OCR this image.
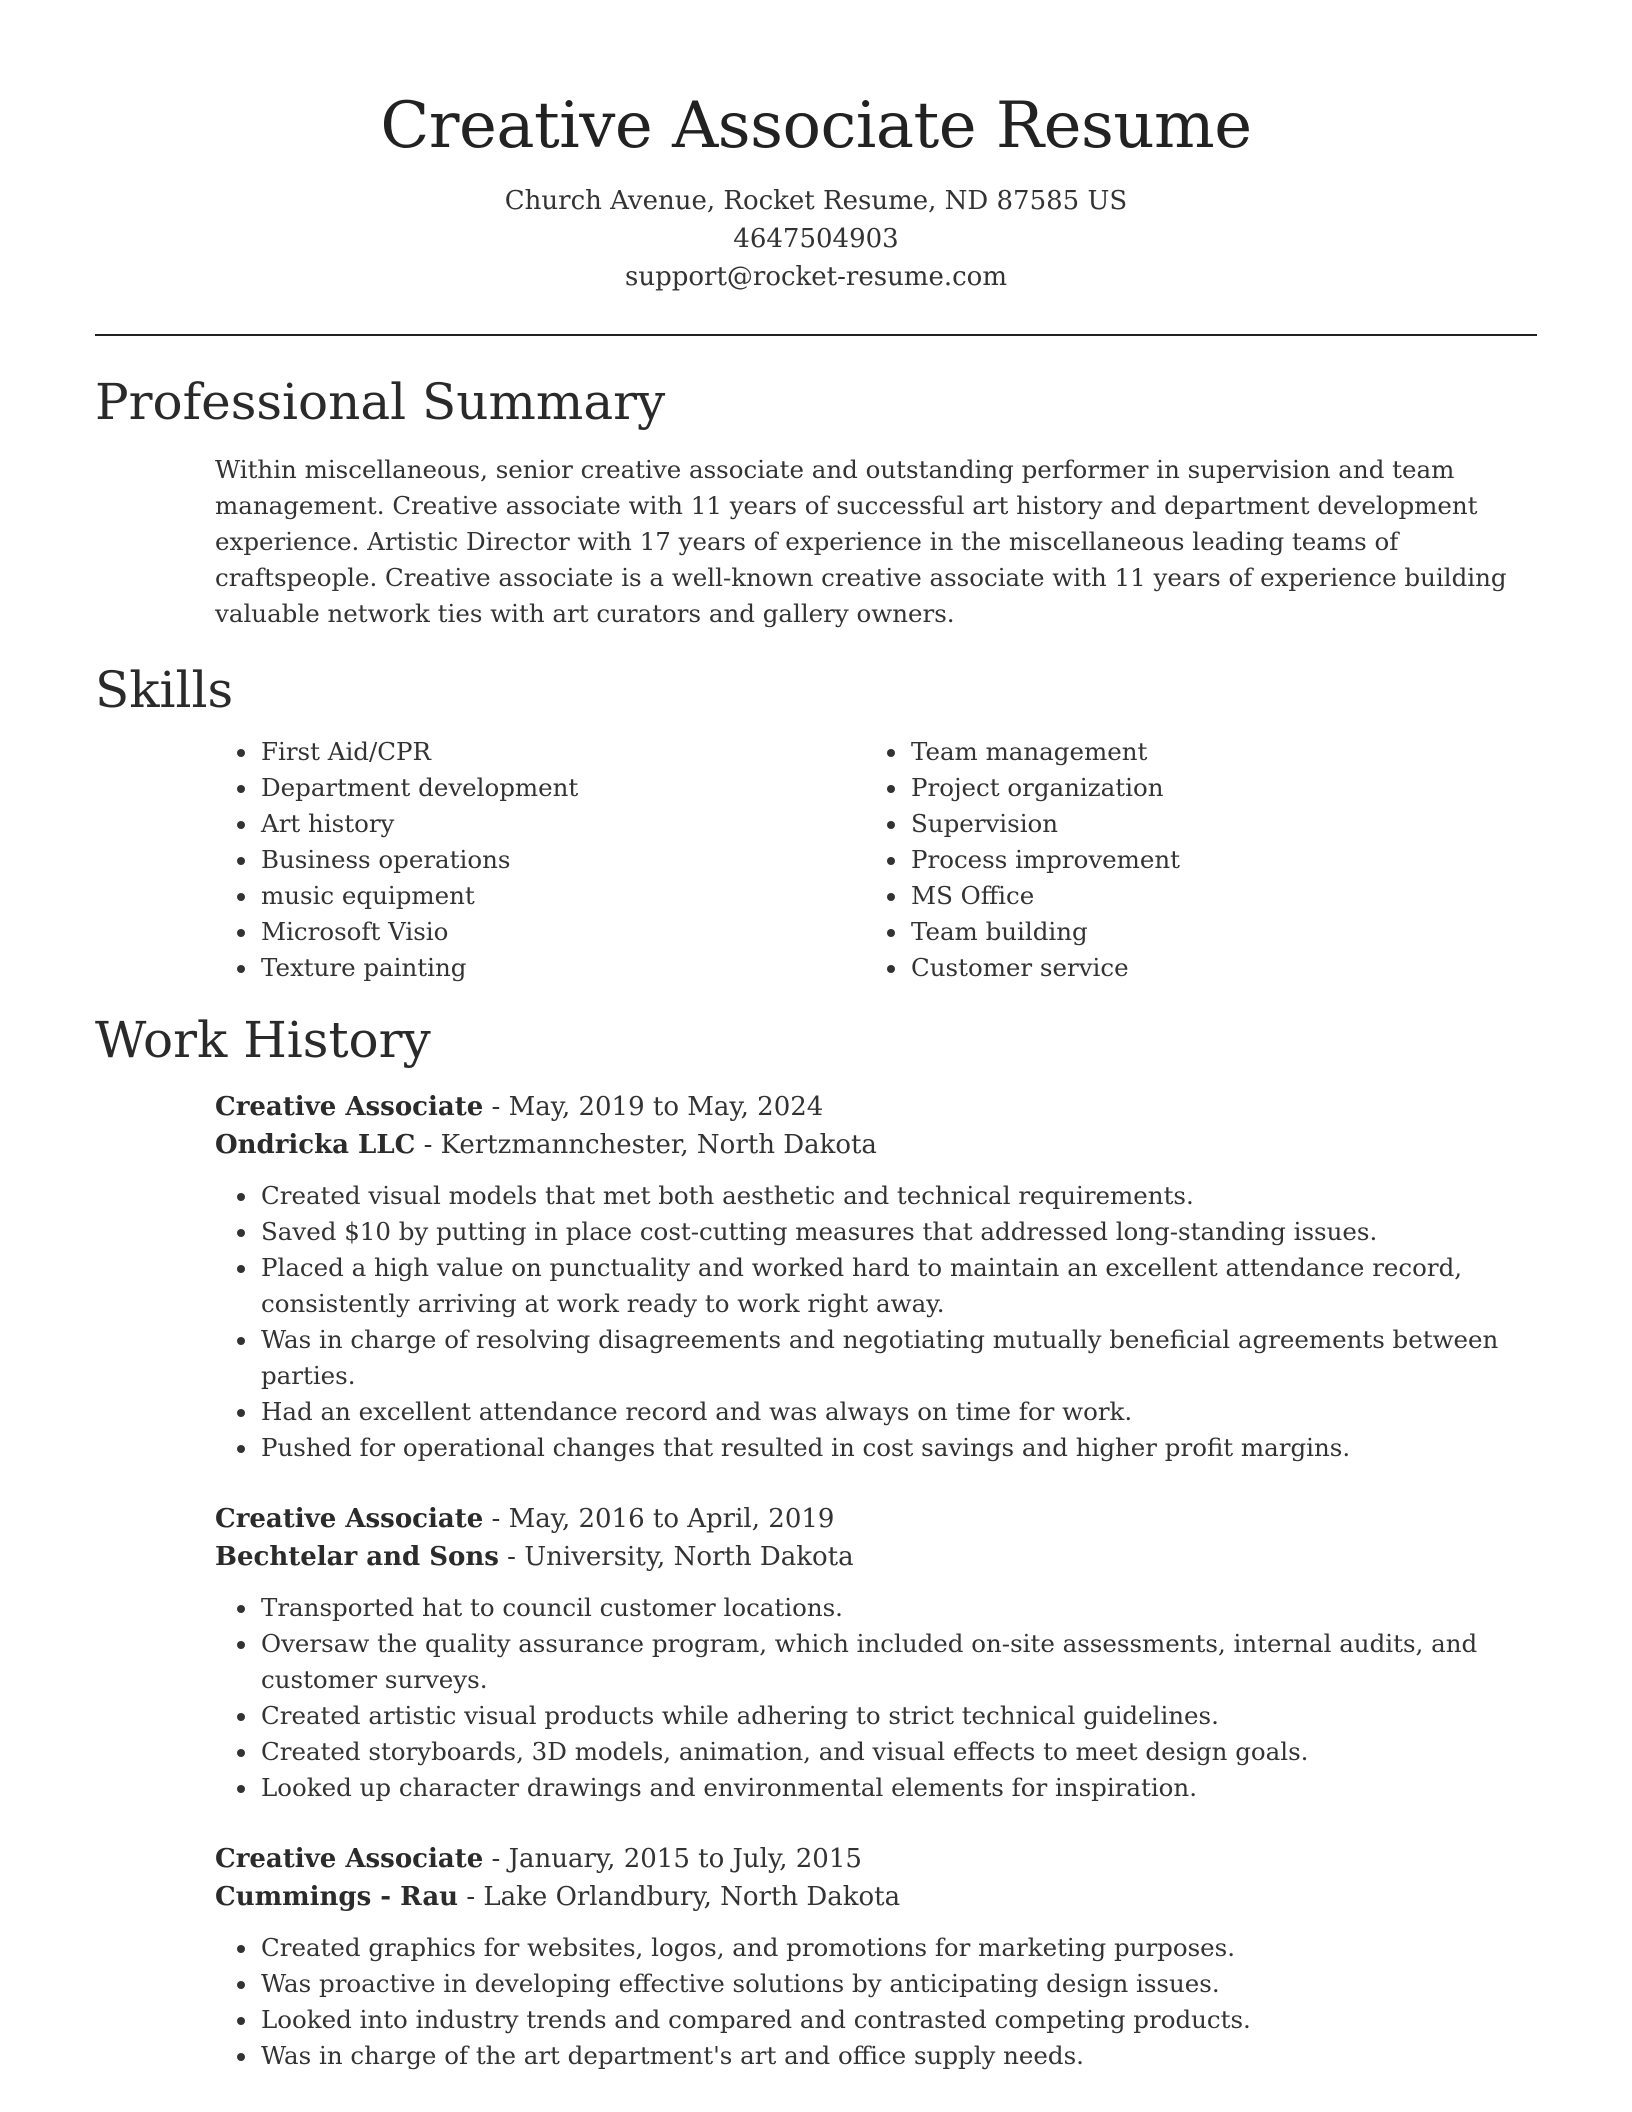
Creative Associate Resume
Church Avenue, Rocket Resume, ND 87585 US
4647504903
support@rocket-resume.com
Professional Summary
Within miscellaneous, senior creative associate and outstanding performer in supervision and team management. Creative associate with 11 years of successful art history and department development experience. Artistic Director with 17 years of experience in the miscellaneous leading teams of craftspeople. Creative associate is a well-known creative associate with 11 years of experience building valuable network ties with art curators and gallery owners.
Skills
• First Aid/CPR
• Department development
• Art history
• Business operations
• music equipment
• Microsoft Visio
• Texture painting
• Team management
• Project organization
• Supervision
• Process improvement
• MS Office
• Team building
• Customer service
Work History
Creative Associate - May, 2019 to May, 2024
Ondricka LLC - Kertzmannchester, North Dakota
• Created visual models that met both aesthetic and technical requirements.
• Saved $10 by putting in place cost-cutting measures that addressed long-standing issues.
• Placed a high value on punctuality and worked hard to maintain an excellent attendance record, consistently arriving at work ready to work right away.
• Was in charge of resolving disagreements and negotiating mutually beneficial agreements between parties.
• Had an excellent attendance record and was always on time for work.
• Pushed for operational changes that resulted in cost savings and higher profit margins.
Creative Associate - May, 2016 to April, 2019
Bechtelar and Sons - University, North Dakota
• Transported hat to council customer locations.
• Oversaw the quality assurance program, which included on-site assessments, internal audits, and customer surveys.
• Created artistic visual products while adhering to strict technical guidelines.
• Created storyboards, 3D models, animation, and visual effects to meet design goals.
• Looked up character drawings and environmental elements for inspiration.
Creative Associate - January, 2015 to July, 2015
Cummings - Rau - Lake Orlandbury, North Dakota
• Created graphics for websites, logos, and promotions for marketing purposes.
• Was proactive in developing effective solutions by anticipating design issues.
• Looked into industry trends and compared and contrasted competing products.
• Was in charge of the art department's art and office supply needs.
